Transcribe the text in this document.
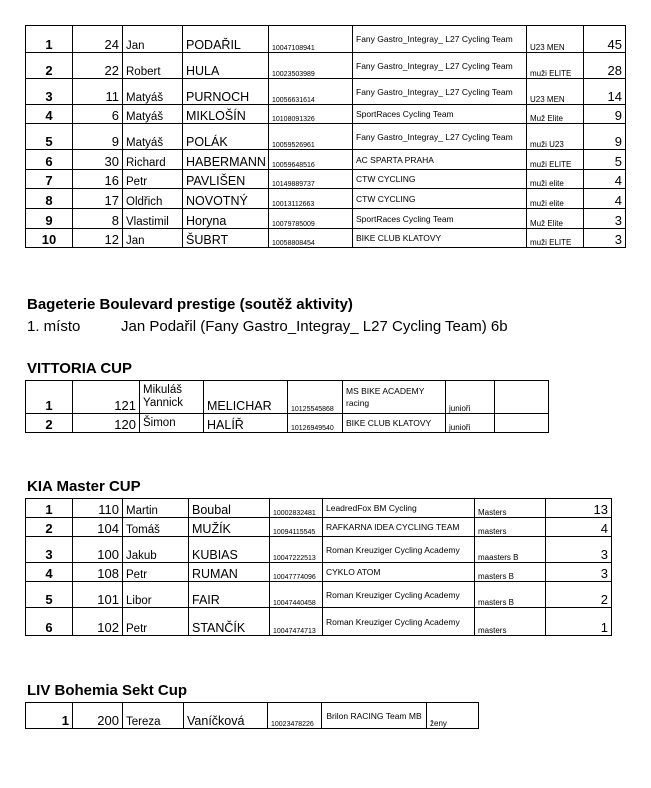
1	24	Jan	PODAŘIL	10047108941	Fany Gastro_Integray_ L27 Cycling Team	U23 MEN	45
2	22	Robert	HULA	10023503989	Fany Gastro_Integray_ L27 Cycling Team	muži ELITE	28
3	11	Matyáš	PURNOCH	10056631614	Fany Gastro_Integray_ L27 Cycling Team	U23 MEN	14
4	6	Matyáš	MIKLOŠÍN	10108091326	SportRaces Cycling Team	Muž Elite	9
5	9	Matyáš	POLÁK	10059526961	Fany Gastro_Integray_ L27 Cycling Team	muži U23	9
6	30	Richard	HABERMANN	10059648516	AC SPARTA PRAHA	muži ELITE	5
7	16	Petr	PAVLIŠEN	10149889737	CTW CYCLING	muži elite	4
8	17	Oldřich	NOVOTNÝ	10013112663	CTW CYCLING	muži elite	4
9	8	Vlastimil	Horyna	10079785009	SportRaces Cycling Team	Muž Elite	3
10	12	Jan	ŠUBRT	10058808454	BIKE CLUB KLATOVY	muži ELITE	3
Bageterie Boulevard prestige (soutěž aktivity)
1. místo	Jan Podařil (Fany Gastro_Integray_ L27 Cycling Team) 6b
VITTORIA CUP
1	121	Mikuláš Yannick	MELICHAR	10125545868	MS BIKE ACADEMY racing	junioři	
2	120	Šimon	HALÍŘ	10126949540	BIKE CLUB KLATOVY	junioři	
KIA Master CUP
1	110	Martin	Boubal	10002832481	LeadredFox BM Cycling	Masters	13
2	104	Tomáš	MUŽÍK	10094115545	RAFKARNA IDEA CYCLING TEAM	masters	4
3	100	Jakub	KUBIAS	10047222513	Roman Kreuziger Cycling Academy	maasters B	3
4	108	Petr	RUMAN	10047774096	CYKLO ATOM	masters B	3
5	101	Libor	FAIR	10047440458	Roman Kreuziger Cycling Academy	masters B	2
6	102	Petr	STANČÍK	10047474713	Roman Kreuziger Cycling Academy	masters	1
LIV Bohemia Sekt Cup
1	200	Tereza	Vaníčková	10023478226	Brilon RACING Team MB	ženy
